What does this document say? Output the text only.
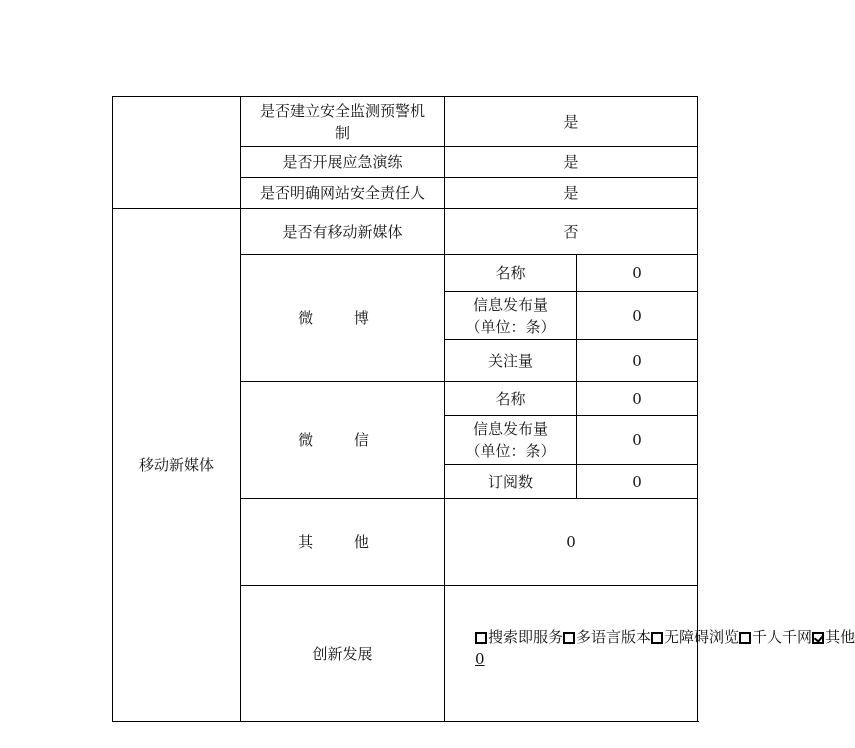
	是否建立安全监测预警机制	是	
	是否开展应急演练	是	
	是否明确网站安全责任人	是	
移动新媒体	是否有移动新媒体	否	
	微 博	名称	0

		信息发布量
（单位：条）	0
		关注量	0
	微 信	名称	0

		信息发布量
（单位：条）	0
		订阅数	0
	其 他	0	
	创新发展	搜索即服务 多语言版本 无障碍浏览 千人千网 其他
0	
